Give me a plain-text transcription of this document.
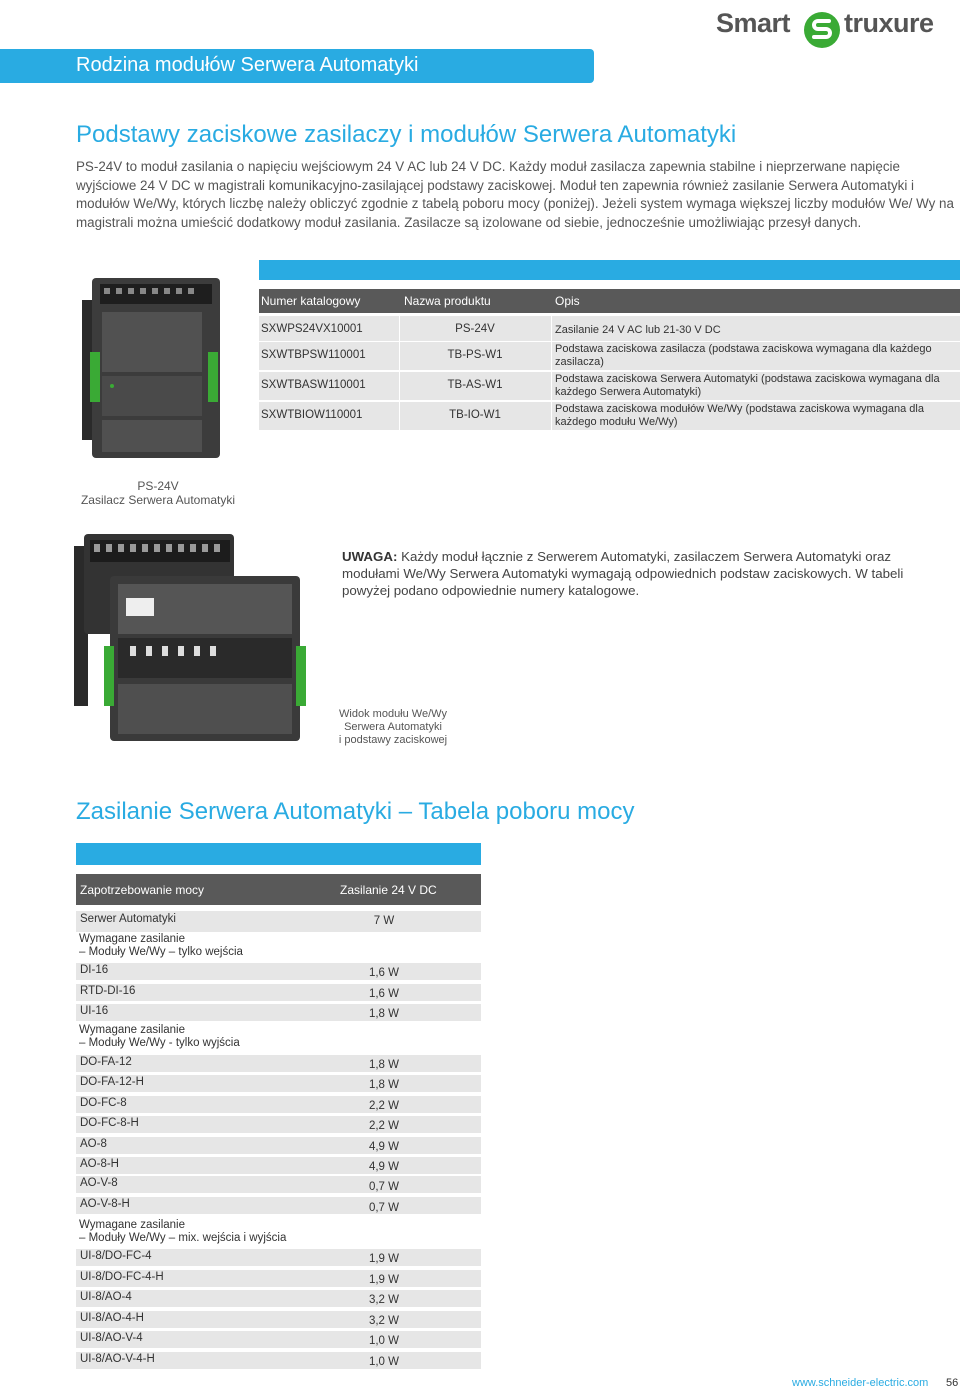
Smart truxure
Rodzina modułów Serwera Automatyki
Podstawy zaciskowe zasilaczy i modułów Serwera Automatyki

PS-24V to moduł zasilania o napięciu wejściowym 24 V AC lub 24 V DC. Każdy moduł zasilacza zapewnia stabilne i nieprzerwane napięcie wyjściowe 24 V DC w magistrali komunikacyjno-zasilającej podstawy zaciskowej. Moduł ten zapewnia również zasilanie Serwera Automatyki i modułów We/Wy, których liczbę należy obliczyć zgodnie z tabelą poboru mocy (poniżej). Jeżeli system wymaga większej liczby modułów We/ Wy na magistrali można umieścić dodatkowy moduł zasilania. Zasilacze są izolowane od siebie, jednocześnie umożliwiając przesył danych.

Numer katalogowy	Nazwa produktu	Opis
SXWPS24VX10001	PS-24V	Zasilanie 24 V AC lub 21-30 V DC
SXWTBPSW110001	TB-PS-W1	Podstawa zaciskowa zasilacza (podstawa zaciskowa wymagana dla każdego zasilacza)
SXWTBASW110001	TB-AS-W1	Podstawa zaciskowa Serwera Automatyki (podstawa zaciskowa wymagana dla każdego Serwera Automatyki)
SXWTBIOW110001	TB-IO-W1	Podstawa zaciskowa modułów We/Wy (podstawa zaciskowa wymagana dla każdego modułu We/Wy)
PS-24V
Zasilacz Serwera Automatyki
Widok modułu We/Wy
Serwera Automatyki
i podstawy zaciskowej
UWAGA: Każdy moduł łącznie z Serwerem Automatyki, zasilaczem Serwera Automatyki oraz modułami We/Wy Serwera Automatyki wymagają odpowiednich podstaw zaciskowych. W tabeli powyżej podano odpowiednie numery katalogowe.
Zasilanie Serwera Automatyki – Tabela poboru mocy
Zapotrzebowanie mocy	Zasilanie 24 V DC
Serwer Automatyki	7 W
Wymagane zasilanie
– Moduły We/Wy – tylko wejścia
DI-16	1,6 W
RTD-DI-16	1,6 W
UI-16	1,8 W
Wymagane zasilanie
– Moduły We/Wy - tylko wyjścia
DO-FA-12	1,8 W
DO-FA-12-H	1,8 W
DO-FC-8	2,2 W
DO-FC-8-H	2,2 W
AO-8	4,9 W
AO-8-H	4,9 W
AO-V-8	0,7 W
AO-V-8-H	0,7 W
Wymagane zasilanie
– Moduły We/Wy – mix. wejścia i wyjścia
UI-8/DO-FC-4	1,9 W
UI-8/DO-FC-4-H	1,9 W
UI-8/AO-4	3,2 W
UI-8/AO-4-H	3,2 W
UI-8/AO-V-4	1,0 W
UI-8/AO-V-4-H	1,0 W
www.schneider-electric.com 56
